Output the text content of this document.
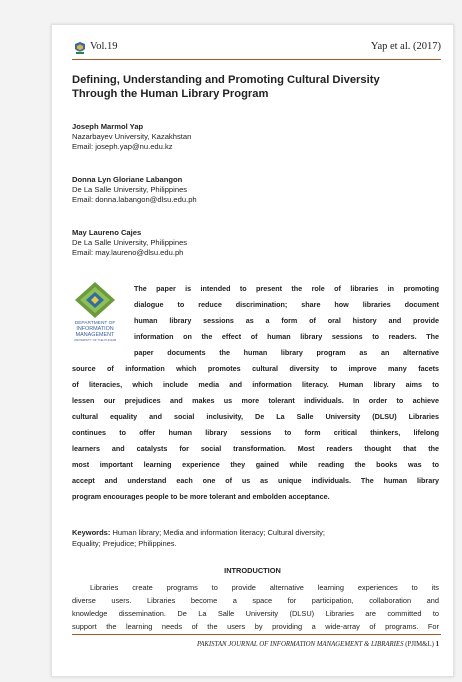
Vol.19	Yap et al. (2017)
Defining, Understanding and Promoting Cultural Diversity
Through the Human Library Program
Joseph Marmol Yap
Nazarbayev University, Kazakhstan
Email: joseph.yap@nu.edu.kz
Donna Lyn Gloriane Labangon
De La Salle University, Philippines
Email: donna.labangon@dlsu.edu.ph
May Laureno Cajes
De La Salle University, Philippines
Email: may.laureno@dlsu.edu.ph
DEPARTMENT OF
INFORMATION
MANAGEMENT
UNIVERSITY OF THE PUNJAB
The paper is intended to present the role of libraries in promoting
dialogue to reduce discrimination; share how libraries document
human library sessions as a form of oral history and provide
information on the effect of human library sessions to readers. The
paper documents the human library program as an alternative
source of information which promotes cultural diversity to improve many facets
of literacies, which include media and information literacy. Human library aims to
lessen our prejudices and makes us more tolerant individuals. In order to achieve
cultural equality and social inclusivity, De La Salle University (DLSU) Libraries
continues to offer human library sessions to form critical thinkers, lifelong
learners and catalysts for social transformation. Most readers thought that the
most important learning experience they gained while reading the books was to
accept and understand each one of us as unique individuals. The human library
program encourages people to be more tolerant and embolden acceptance.
Keywords: Human library; Media and information literacy; Cultural diversity;
Equality; Prejudice; Philippines.
INTRODUCTION
Libraries create programs to provide alternative learning experiences to its
diverse users. Libraries become a space for participation, collaboration and
knowledge dissemination. De La Salle University (DLSU) Libraries are committed to
support the learning needs of the users by providing a wide-array of programs. For
PAKISTAN JOURNAL OF INFORMATION MANAGEMENT & LIBRARIES (PJIM&L) 1
